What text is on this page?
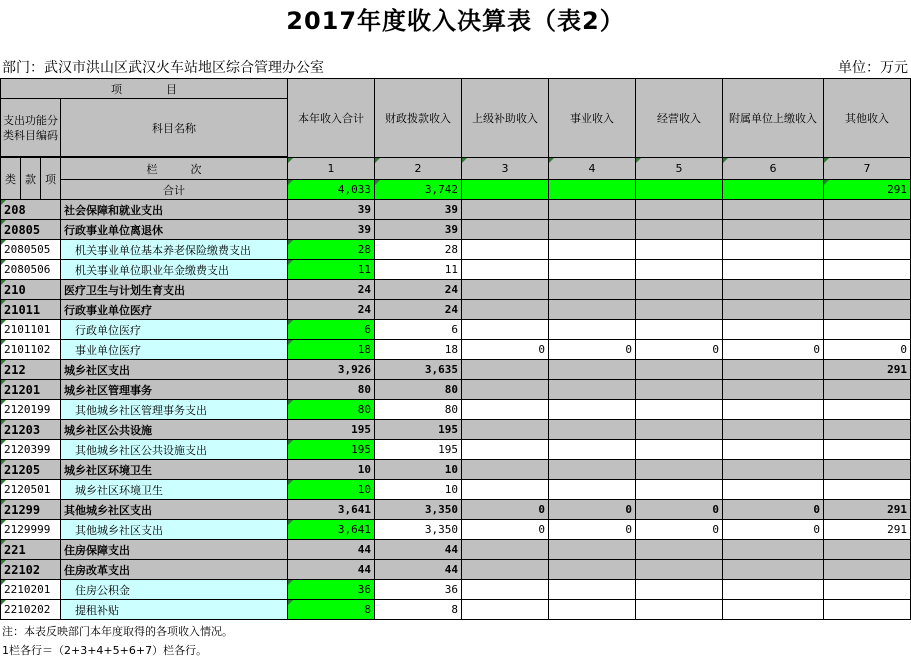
2017年度收入决算表（表2）
部门：武汉市洪山区武汉火车站地区综合管理办公室	单位：万元
项　　　　目				本年收入合计	财政拨款收入	上级补助收入	事业收入	经营收入	附属单位上缴收入	其他收入
支出功能分类科目编码			科目名称							

类	款	项	栏　　　次	1	2	3	4	5	6	7
			合计	4,033	3,742					291
208			社会保障和就业支出	39	39					
20805			行政事业单位离退休	39	39					
2080505			机关事业单位基本养老保险缴费支出	28	28					
2080506			机关事业单位职业年金缴费支出	11	11					
210			医疗卫生与计划生育支出	24	24					
21011			行政事业单位医疗	24	24					
2101101			行政单位医疗	6	6					
2101102			事业单位医疗	18	18	0	0	0	0	0
212			城乡社区支出	3,926	3,635					291
21201			城乡社区管理事务	80	80					
2120199			其他城乡社区管理事务支出	80	80					
21203			城乡社区公共设施	195	195					
2120399			其他城乡社区公共设施支出	195	195					
21205			城乡社区环境卫生	10	10					
2120501			城乡社区环境卫生	10	10					
21299			其他城乡社区支出	3,641	3,350	0	0	0	0	291
2129999			其他城乡社区支出	3,641	3,350	0	0	0	0	291
221			住房保障支出	44	44					
22102			住房改革支出	44	44					
2210201			住房公积金	36	36					
2210202			提租补贴	8	8					
注：本表反映部门本年度取得的各项收入情况。
1栏各行＝（2+3+4+5+6+7）栏各行。
